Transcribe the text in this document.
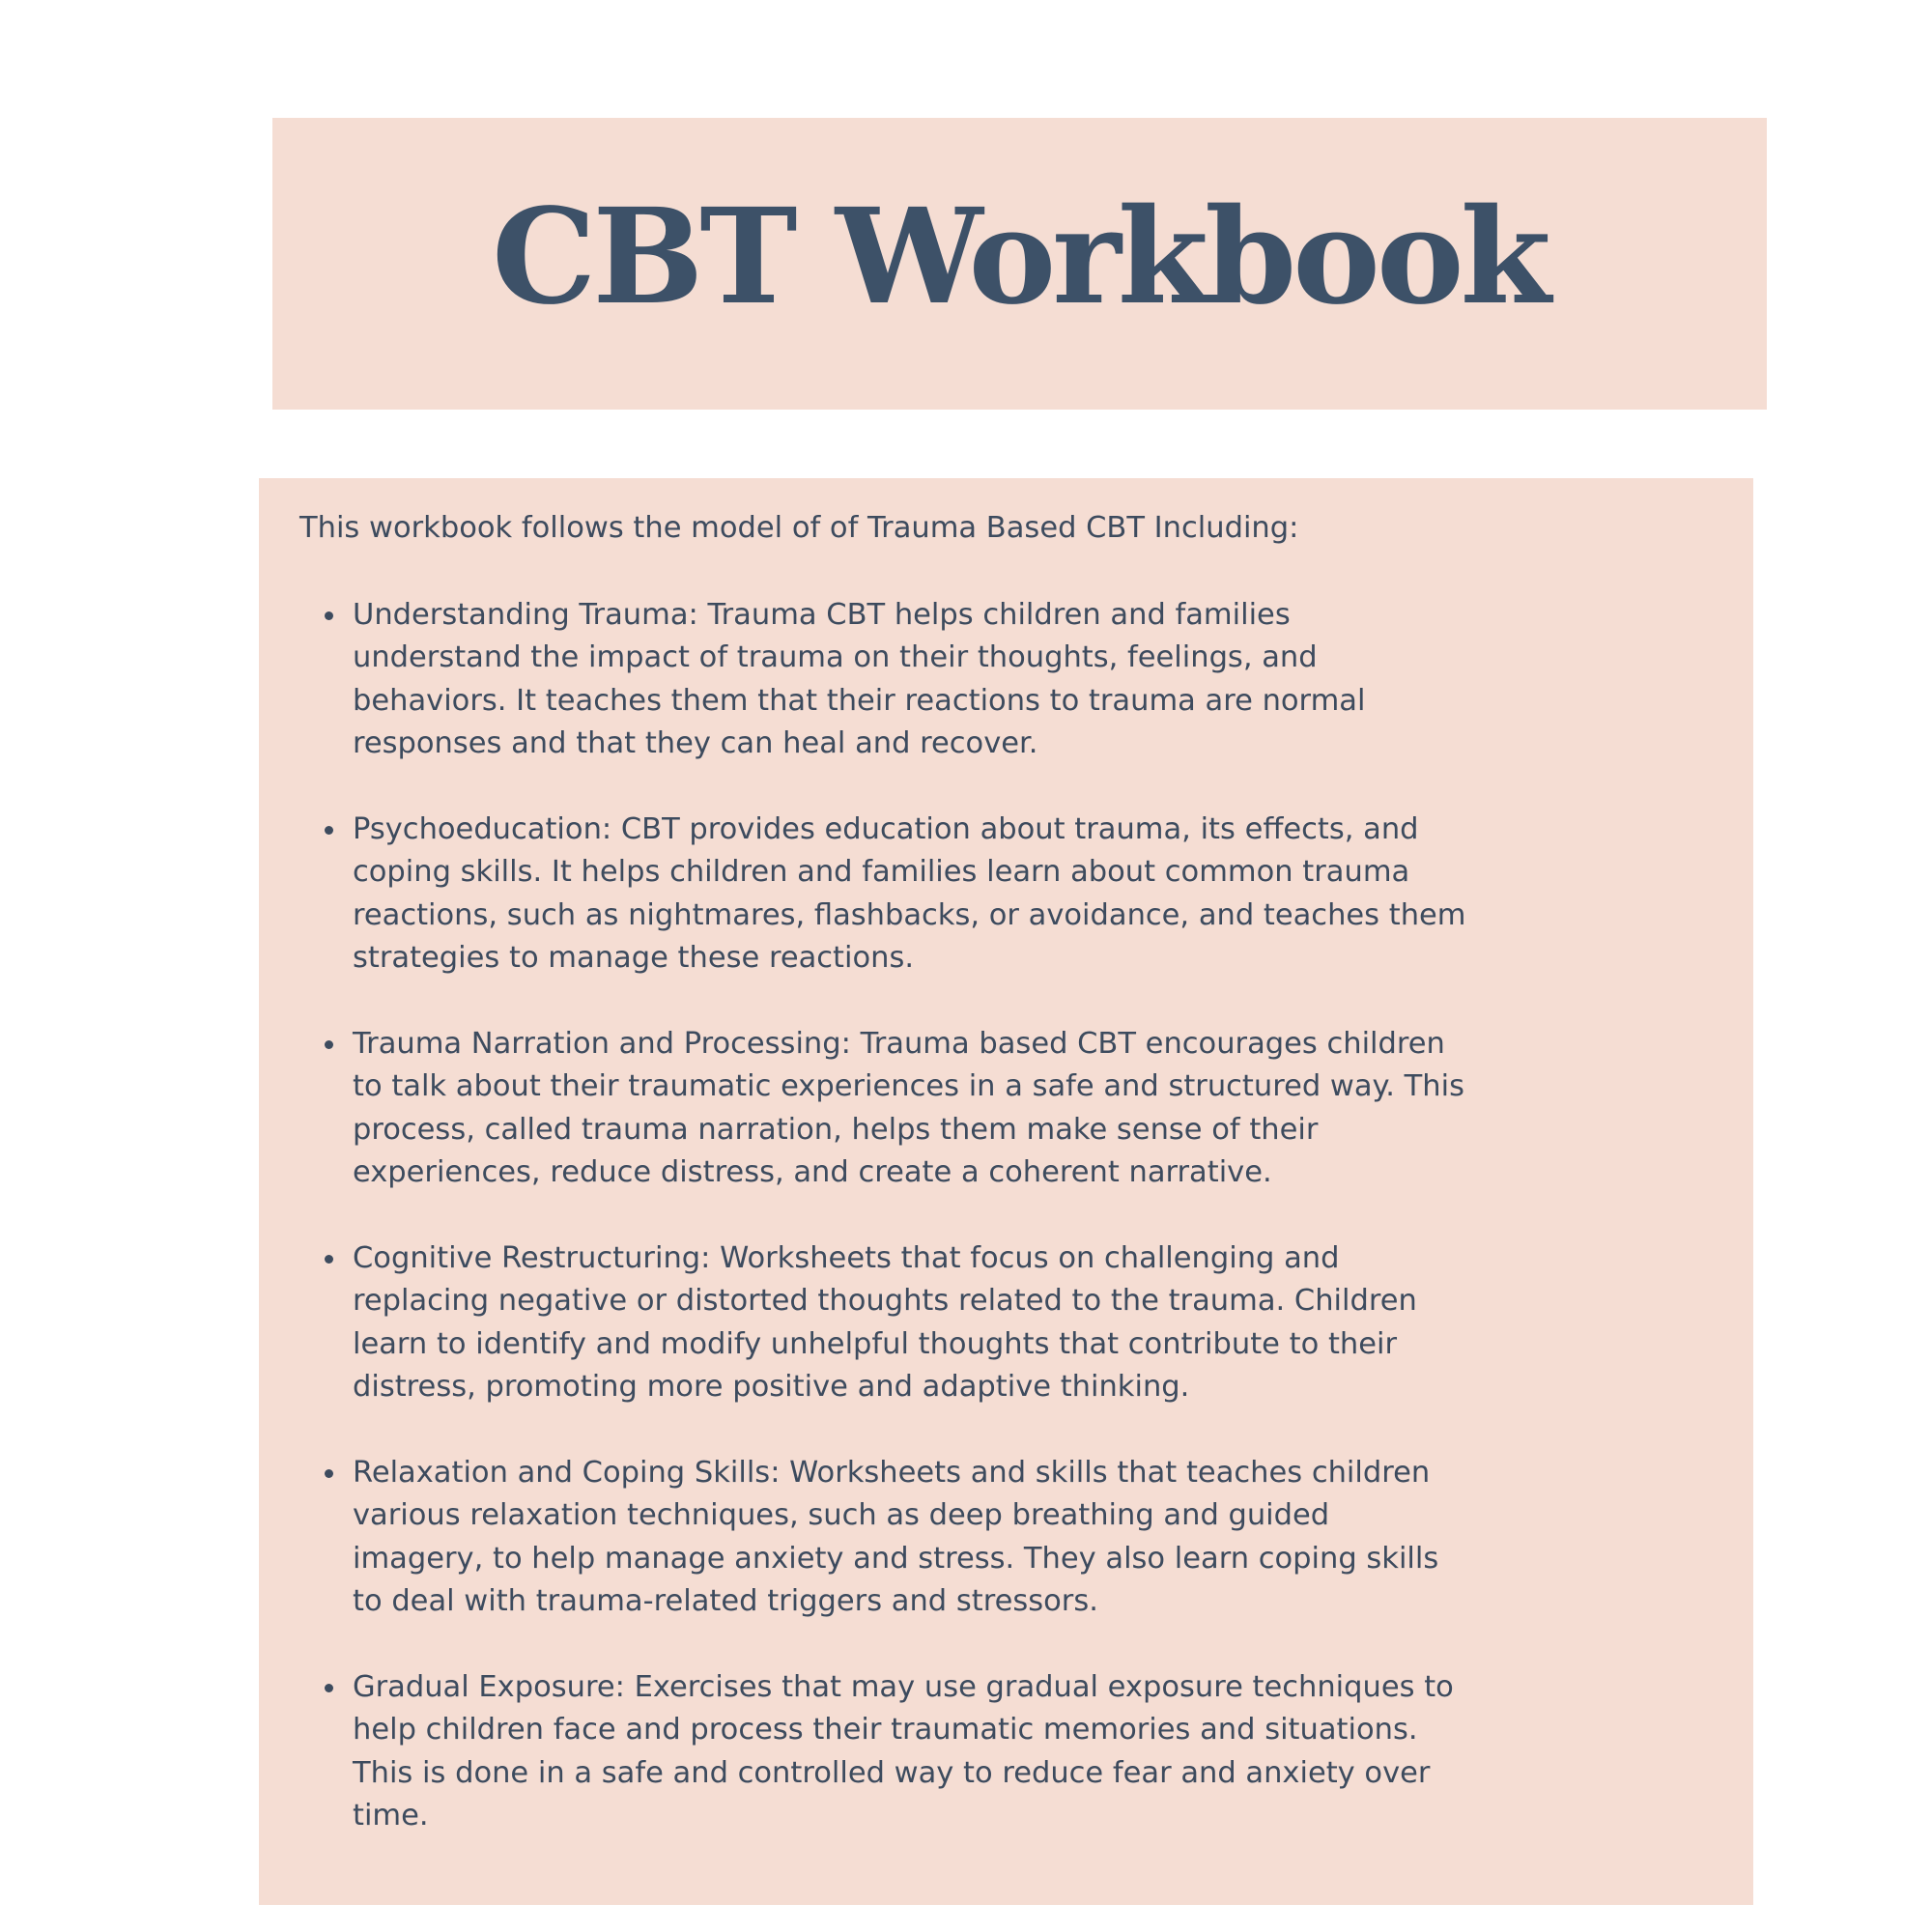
CBT Workbook

This workbook follows the model of of Trauma Based CBT Including:

Understanding Trauma: Trauma CBT helps children and families
understand the impact of trauma on their thoughts, feelings, and
behaviors. It teaches them that their reactions to trauma are normal
responses and that they can heal and recover.
Psychoeducation: CBT provides education about trauma, its effects, and
coping skills. It helps children and families learn about common trauma
reactions, such as nightmares, flashbacks, or avoidance, and teaches them
strategies to manage these reactions.
Trauma Narration and Processing: Trauma based CBT encourages children
to talk about their traumatic experiences in a safe and structured way. This
process, called trauma narration, helps them make sense of their
experiences, reduce distress, and create a coherent narrative.
Cognitive Restructuring: Worksheets that focus on challenging and
replacing negative or distorted thoughts related to the trauma. Children
learn to identify and modify unhelpful thoughts that contribute to their
distress, promoting more positive and adaptive thinking.
Relaxation and Coping Skills: Worksheets and skills that teaches children
various relaxation techniques, such as deep breathing and guided
imagery, to help manage anxiety and stress. They also learn coping skills
to deal with trauma-related triggers and stressors.
Gradual Exposure: Exercises that may use gradual exposure techniques to
help children face and process their traumatic memories and situations.
This is done in a safe and controlled way to reduce fear and anxiety over
time.
